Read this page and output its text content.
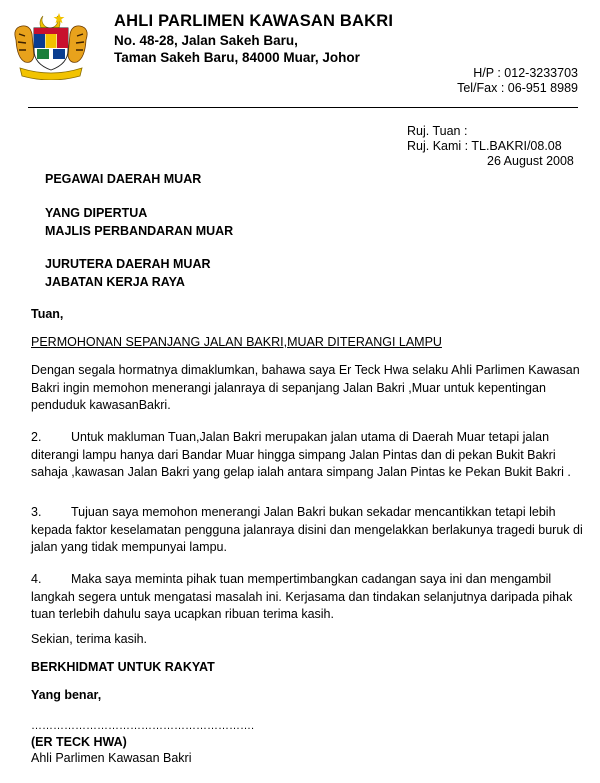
AHLI PARLIMEN KAWASAN BAKRI
No. 48-28, Jalan Sakeh Baru,
Taman Sakeh Baru, 84000 Muar, Johor
H/P : 012-3233703
Tel/Fax : 06-951 8989
Ruj. Tuan :
Ruj. Kami : TL.BAKRI/08.08
26 August 2008
PEGAWAI DAERAH MUAR
YANG DIPERTUA
MAJLIS PERBANDARAN MUAR
JURUTERA DAERAH MUAR
JABATAN KERJA RAYA
Tuan,
PERMOHONAN SEPANJANG JALAN BAKRI,MUAR DITERANGI LAMPU
Dengan segala hormatnya dimaklumkan, bahawa saya Er Teck Hwa selaku Ahli Parlimen Kawasan Bakri ingin memohon menerangi jalanraya di sepanjang Jalan Bakri ,Muar untuk kepentingan penduduk kawasanBakri.
2. Untuk makluman Tuan,Jalan Bakri merupakan jalan utama di Daerah Muar tetapi jalan diterangi lampu hanya dari Bandar Muar hingga simpang Jalan Pintas dan di pekan Bukit Bakri sahaja ,kawasan Jalan Bakri yang gelap ialah antara simpang Jalan Pintas ke Pekan Bukit Bakri .
3. Tujuan saya memohon menerangi Jalan Bakri bukan sekadar mencantikkan tetapi lebih kepada faktor keselamatan pengguna jalanraya disini dan mengelakkan berlakunya tragedi buruk di jalan yang tidak mempunyai lampu.
4. Maka saya meminta pihak tuan mempertimbangkan cadangan saya ini dan mengambil langkah segera untuk mengatasi masalah ini. Kerjasama dan tindakan selanjutnya daripada pihak tuan terlebih dahulu saya ucapkan ribuan terima kasih.
Sekian, terima kasih.
BERKHIDMAT UNTUK RAKYAT
Yang benar,
…………………………………………………….
(ER TECK HWA)
Ahli Parlimen Kawasan Bakri
